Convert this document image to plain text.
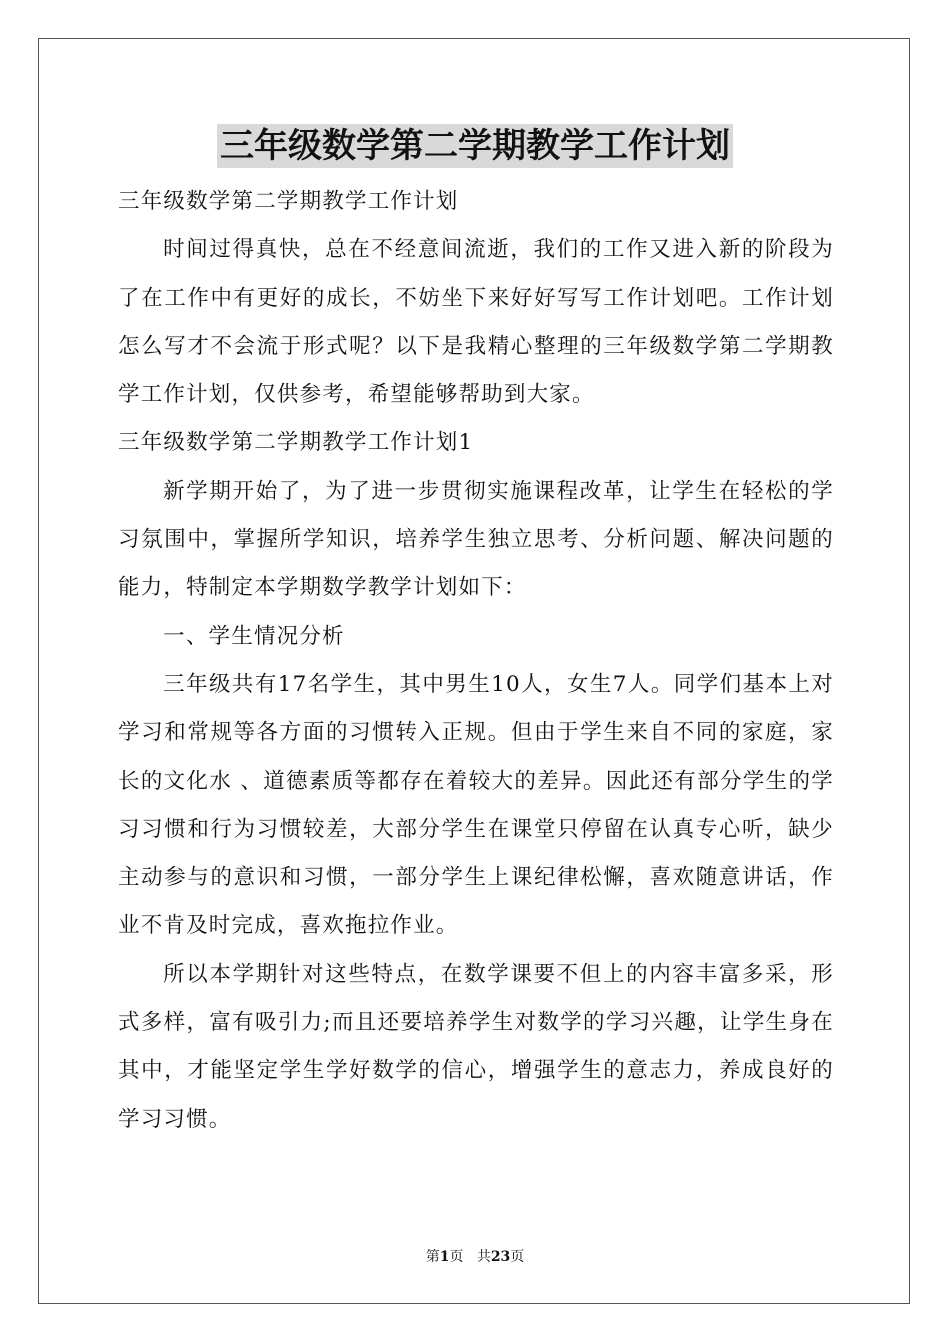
三年级数学第二学期教学工作计划

三年级数学第二学期教学工作计划

时间过得真快，总在不经意间流逝，我们的工作又进入新的阶段为了在工作中有更好的成长，不妨坐下来好好写写工作计划吧。工作计划怎么写才不会流于形式呢？以下是我精心整理的三年级数学第二学期教学工作计划，仅供参考，希望能够帮助到大家。

三年级数学第二学期教学工作计划1

新学期开始了，为了进一步贯彻实施课程改革，让学生在轻松的学习氛围中，掌握所学知识，培养学生独立思考、分析问题、解决问题的能力，特制定本学期数学教学计划如下：

一、学生情况分析

三年级共有17名学生，其中男生10人，女生7人。同学们基本上对学习和常规等各方面的习惯转入正规。但由于学生来自不同的家庭，家长的文化水 、道德素质等都存在着较大的差异。因此还有部分学生的学习习惯和行为习惯较差，大部分学生在课堂只停留在认真专心听，缺少主动参与的意识和习惯，一部分学生上课纪律松懈，喜欢随意讲话，作业不肯及时完成，喜欢拖拉作业。

所以本学期针对这些特点，在数学课要不但上的内容丰富多采，形式多样，富有吸引力;而且还要培养学生对数学的学习兴趣，让学生身在其中，才能坚定学生学好数学的信心，增强学生的意志力，养成良好的学习习惯。

第1页 共23页
